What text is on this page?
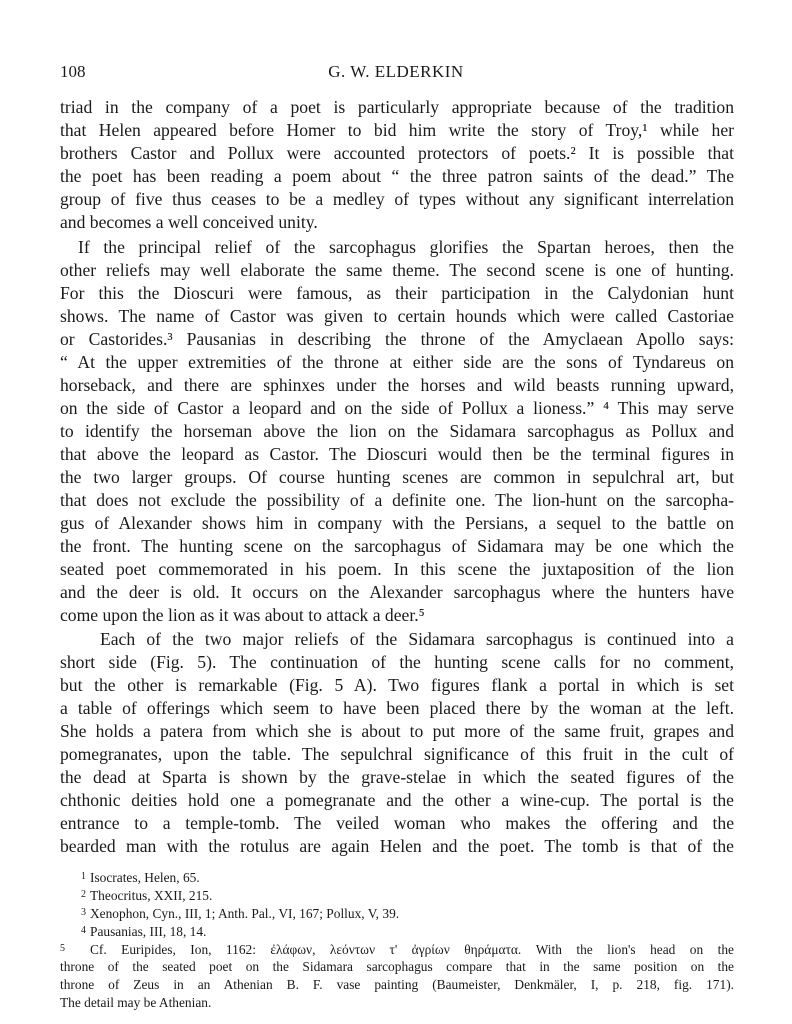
108	G. W. ELDERKIN
triad in the company of a poet is particularly appropriate because of the tradition
that Helen appeared before Homer to bid him write the story of Troy,¹ while her
brothers Castor and Pollux were accounted protectors of poets.² It is possible that
the poet has been reading a poem about “ the three patron saints of the dead.” The
group of five thus ceases to be a medley of types without any significant interrelation
and becomes a well conceived unity.
If the principal relief of the sarcophagus glorifies the Spartan heroes, then the
other reliefs may well elaborate the same theme. The second scene is one of hunting.
For this the Dioscuri were famous, as their participation in the Calydonian hunt
shows. The name of Castor was given to certain hounds which were called Castoriae
or Castorides.³ Pausanias in describing the throne of the Amyclaean Apollo says:
“ At the upper extremities of the throne at either side are the sons of Tyndareus on
horseback, and there are sphinxes under the horses and wild beasts running upward,
on the side of Castor a leopard and on the side of Pollux a lioness.” ⁴ This may serve
to identify the horseman above the lion on the Sidamara sarcophagus as Pollux and
that above the leopard as Castor. The Dioscuri would then be the terminal figures in
the two larger groups. Of course hunting scenes are common in sepulchral art, but
that does not exclude the possibility of a definite one. The lion-hunt on the sarcopha-
gus of Alexander shows him in company with the Persians, a sequel to the battle on
the front. The hunting scene on the sarcophagus of Sidamara may be one which the
seated poet commemorated in his poem. In this scene the juxtaposition of the lion
and the deer is old. It occurs on the Alexander sarcophagus where the hunters have
come upon the lion as it was about to attack a deer.⁵
Each of the two major reliefs of the Sidamara sarcophagus is continued into a
short side (Fig. 5). The continuation of the hunting scene calls for no comment,
but the other is remarkable (Fig. 5 A). Two figures flank a portal in which is set
a table of offerings which seem to have been placed there by the woman at the left.
She holds a patera from which she is about to put more of the same fruit, grapes and
pomegranates, upon the table. The sepulchral significance of this fruit in the cult of
the dead at Sparta is shown by the grave-stelae in which the seated figures of the
chthonic deities hold one a pomegranate and the other a wine-cup. The portal is the
entrance to a temple-tomb. The veiled woman who makes the offering and the
bearded man with the rotulus are again Helen and the poet. The tomb is that of the
1 Isocrates, Helen, 65.
2 Theocritus, XXII, 215.
3 Xenophon, Cyn., III, 1; Anth. Pal., VI, 167; Pollux, V, 39.
4 Pausanias, III, 18, 14.
5 Cf. Euripides, Ion, 1162: ἐλάφων, λεόντων τ' ἀγρίων θηράματα. With the lion's head on the
throne of the seated poet on the Sidamara sarcophagus compare that in the same position on the
throne of Zeus in an Athenian B. F. vase painting (Baumeister, Denkmäler, I, p. 218, fig. 171).
The detail may be Athenian.
